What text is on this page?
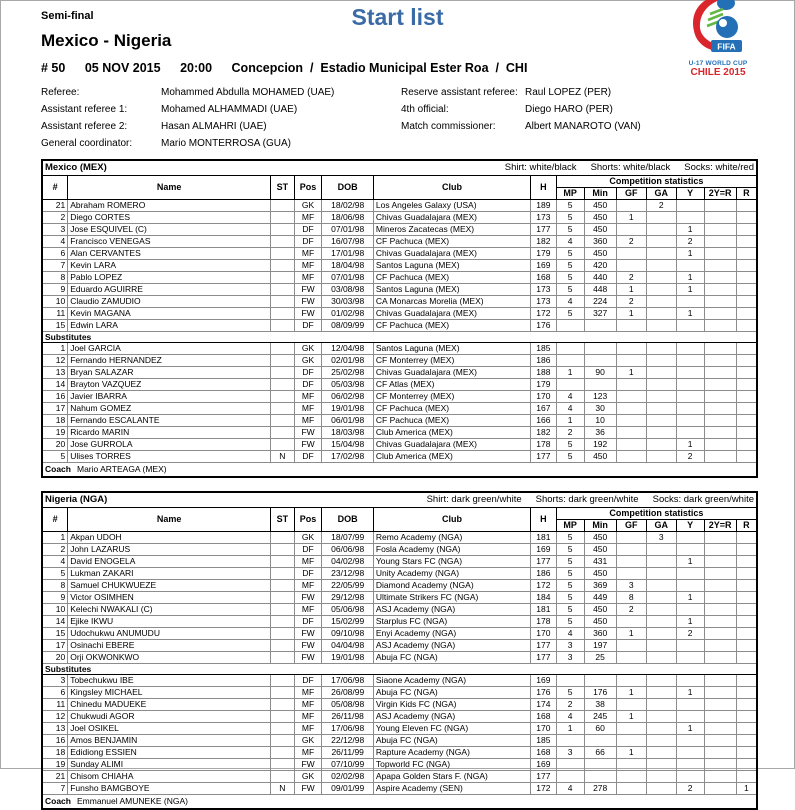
Start list
FIFA
U-17 WORLD CUP
CHILE 2015
Semi-final
Mexico - Nigeria
# 50 05 NOV 2015 20:00 Concepcion  /  Estadio Municipal Ester Roa  /  CHI
Referee:	Mohammed Abdulla MOHAMED (UAE)
Assistant referee 1:	Mohamed ALHAMMADI (UAE)
Assistant referee 2:	Hasan ALMAHRI (UAE)
General coordinator:	Mario MONTERROSA (GUA)
Reserve assistant referee: Raul LOPEZ (PER)
4th official:	Diego HARO (PER)
Match commissioner:	Albert MANAROTO (VAN)
Mexico (MEX) Shirt: white/black Shorts: white/black Socks: white/red													

#	Name	ST	Pos	DOB	Club	H	Competition statistics						
							MP	Min	GF	GA	Y	2Y=R	R
21	Abraham ROMERO		GK	18/02/98	Los Angeles Galaxy (USA)	189	5	450		2			
2	Diego CORTES		MF	18/06/98	Chivas Guadalajara (MEX)	173	5	450	1				
3	Jose ESQUIVEL (C)		DF	07/01/98	Mineros Zacatecas (MEX)	177	5	450			1		
4	Francisco VENEGAS		DF	16/07/98	CF Pachuca (MEX)	182	4	360	2		2		
6	Alan CERVANTES		MF	17/01/98	Chivas Guadalajara (MEX)	179	5	450			1		
7	Kevin LARA		MF	18/04/98	Santos Laguna (MEX)	169	5	420					
8	Pablo LOPEZ		MF	07/01/98	CF Pachuca (MEX)	168	5	440	2		1		
9	Eduardo AGUIRRE		FW	03/08/98	Santos Laguna (MEX)	173	5	448	1		1		
10	Claudio ZAMUDIO		FW	30/03/98	CA Monarcas Morelia (MEX)	173	4	224	2				
11	Kevin MAGANA		FW	01/02/98	Chivas Guadalajara (MEX)	172	5	327	1		1		
15	Edwin LARA		DF	08/09/99	CF Pachuca (MEX)	176							
Substitutes													
1	Joel GARCIA		GK	12/04/98	Santos Laguna (MEX)	185							
12	Fernando HERNANDEZ		GK	02/01/98	CF Monterrey (MEX)	186							
13	Bryan SALAZAR		DF	25/02/98	Chivas Guadalajara (MEX)	188	1	90	1				
14	Brayton VAZQUEZ		DF	05/03/98	CF Atlas (MEX)	179							
16	Javier IBARRA		MF	06/02/98	CF Monterrey (MEX)	170	4	123					
17	Nahum GOMEZ		MF	19/01/98	CF Pachuca (MEX)	167	4	30					
18	Fernando ESCALANTE		MF	06/01/98	CF Pachuca (MEX)	166	1	10					
19	Ricardo MARIN		FW	18/03/98	Club America (MEX)	182	2	36					
20	Jose GURROLA		FW	15/04/98	Chivas Guadalajara (MEX)	178	5	192			1		
5	Ulises TORRES	N	DF	17/02/98	Club America (MEX)	177	5	450			2		
Coach Mario ARTEAGA (MEX)													
Nigeria (NGA) Shirt: dark green/white Shorts: dark green/white Socks: dark green/white													

#	Name	ST	Pos	DOB	Club	H	Competition statistics						
							MP	Min	GF	GA	Y	2Y=R	R
1	Akpan UDOH		GK	18/07/99	Remo Academy (NGA)	181	5	450		3			
2	John LAZARUS		DF	06/06/98	Fosla Academy (NGA)	169	5	450					
4	David ENOGELA		MF	04/02/98	Young Stars FC (NGA)	177	5	431			1		
5	Lukman ZAKARI		DF	23/12/98	Unity Academy (NGA)	186	5	450					
8	Samuel CHUKWUEZE		MF	22/05/99	Diamond Academy (NGA)	172	5	369	3				
9	Victor OSIMHEN		FW	29/12/98	Ultimate Strikers FC (NGA)	184	5	449	8		1		
10	Kelechi NWAKALI (C)		MF	05/06/98	ASJ Academy (NGA)	181	5	450	2				
14	Ejike IKWU		DF	15/02/99	Starplus FC (NGA)	178	5	450			1		
15	Udochukwu ANUMUDU		FW	09/10/98	Enyi Academy (NGA)	170	4	360	1		2		
17	Osinachi EBERE		FW	04/04/98	ASJ Academy (NGA)	177	3	197					
20	Orji OKWONKWO		FW	19/01/98	Abuja FC (NGA)	177	3	25					
Substitutes													
3	Tobechukwu IBE		DF	17/06/98	Siaone Academy (NGA)	169							
6	Kingsley MICHAEL		MF	26/08/99	Abuja FC (NGA)	176	5	176	1		1		
11	Chinedu MADUEKE		MF	05/08/98	Virgin Kids FC (NGA)	174	2	38					
12	Chukwudi AGOR		MF	26/11/98	ASJ Academy (NGA)	168	4	245	1				
13	Joel OSIKEL		MF	17/06/98	Young Eleven FC (NGA)	170	1	60			1		
16	Amos BENJAMIN		GK	22/12/98	Abuja FC (NGA)	185							
18	Edidiong ESSIEN		MF	26/11/99	Rapture Academy (NGA)	168	3	66	1				
19	Sunday ALIMI		FW	07/10/99	Topworld FC (NGA)	169							
21	Chisom CHIAHA		GK	02/02/98	Apapa Golden Stars F. (NGA)	177							
7	Funsho BAMGBOYE	N	FW	09/01/99	Aspire Academy (SEN)	172	4	278			2		1
Coach Emmanuel AMUNEKE (NGA)													
